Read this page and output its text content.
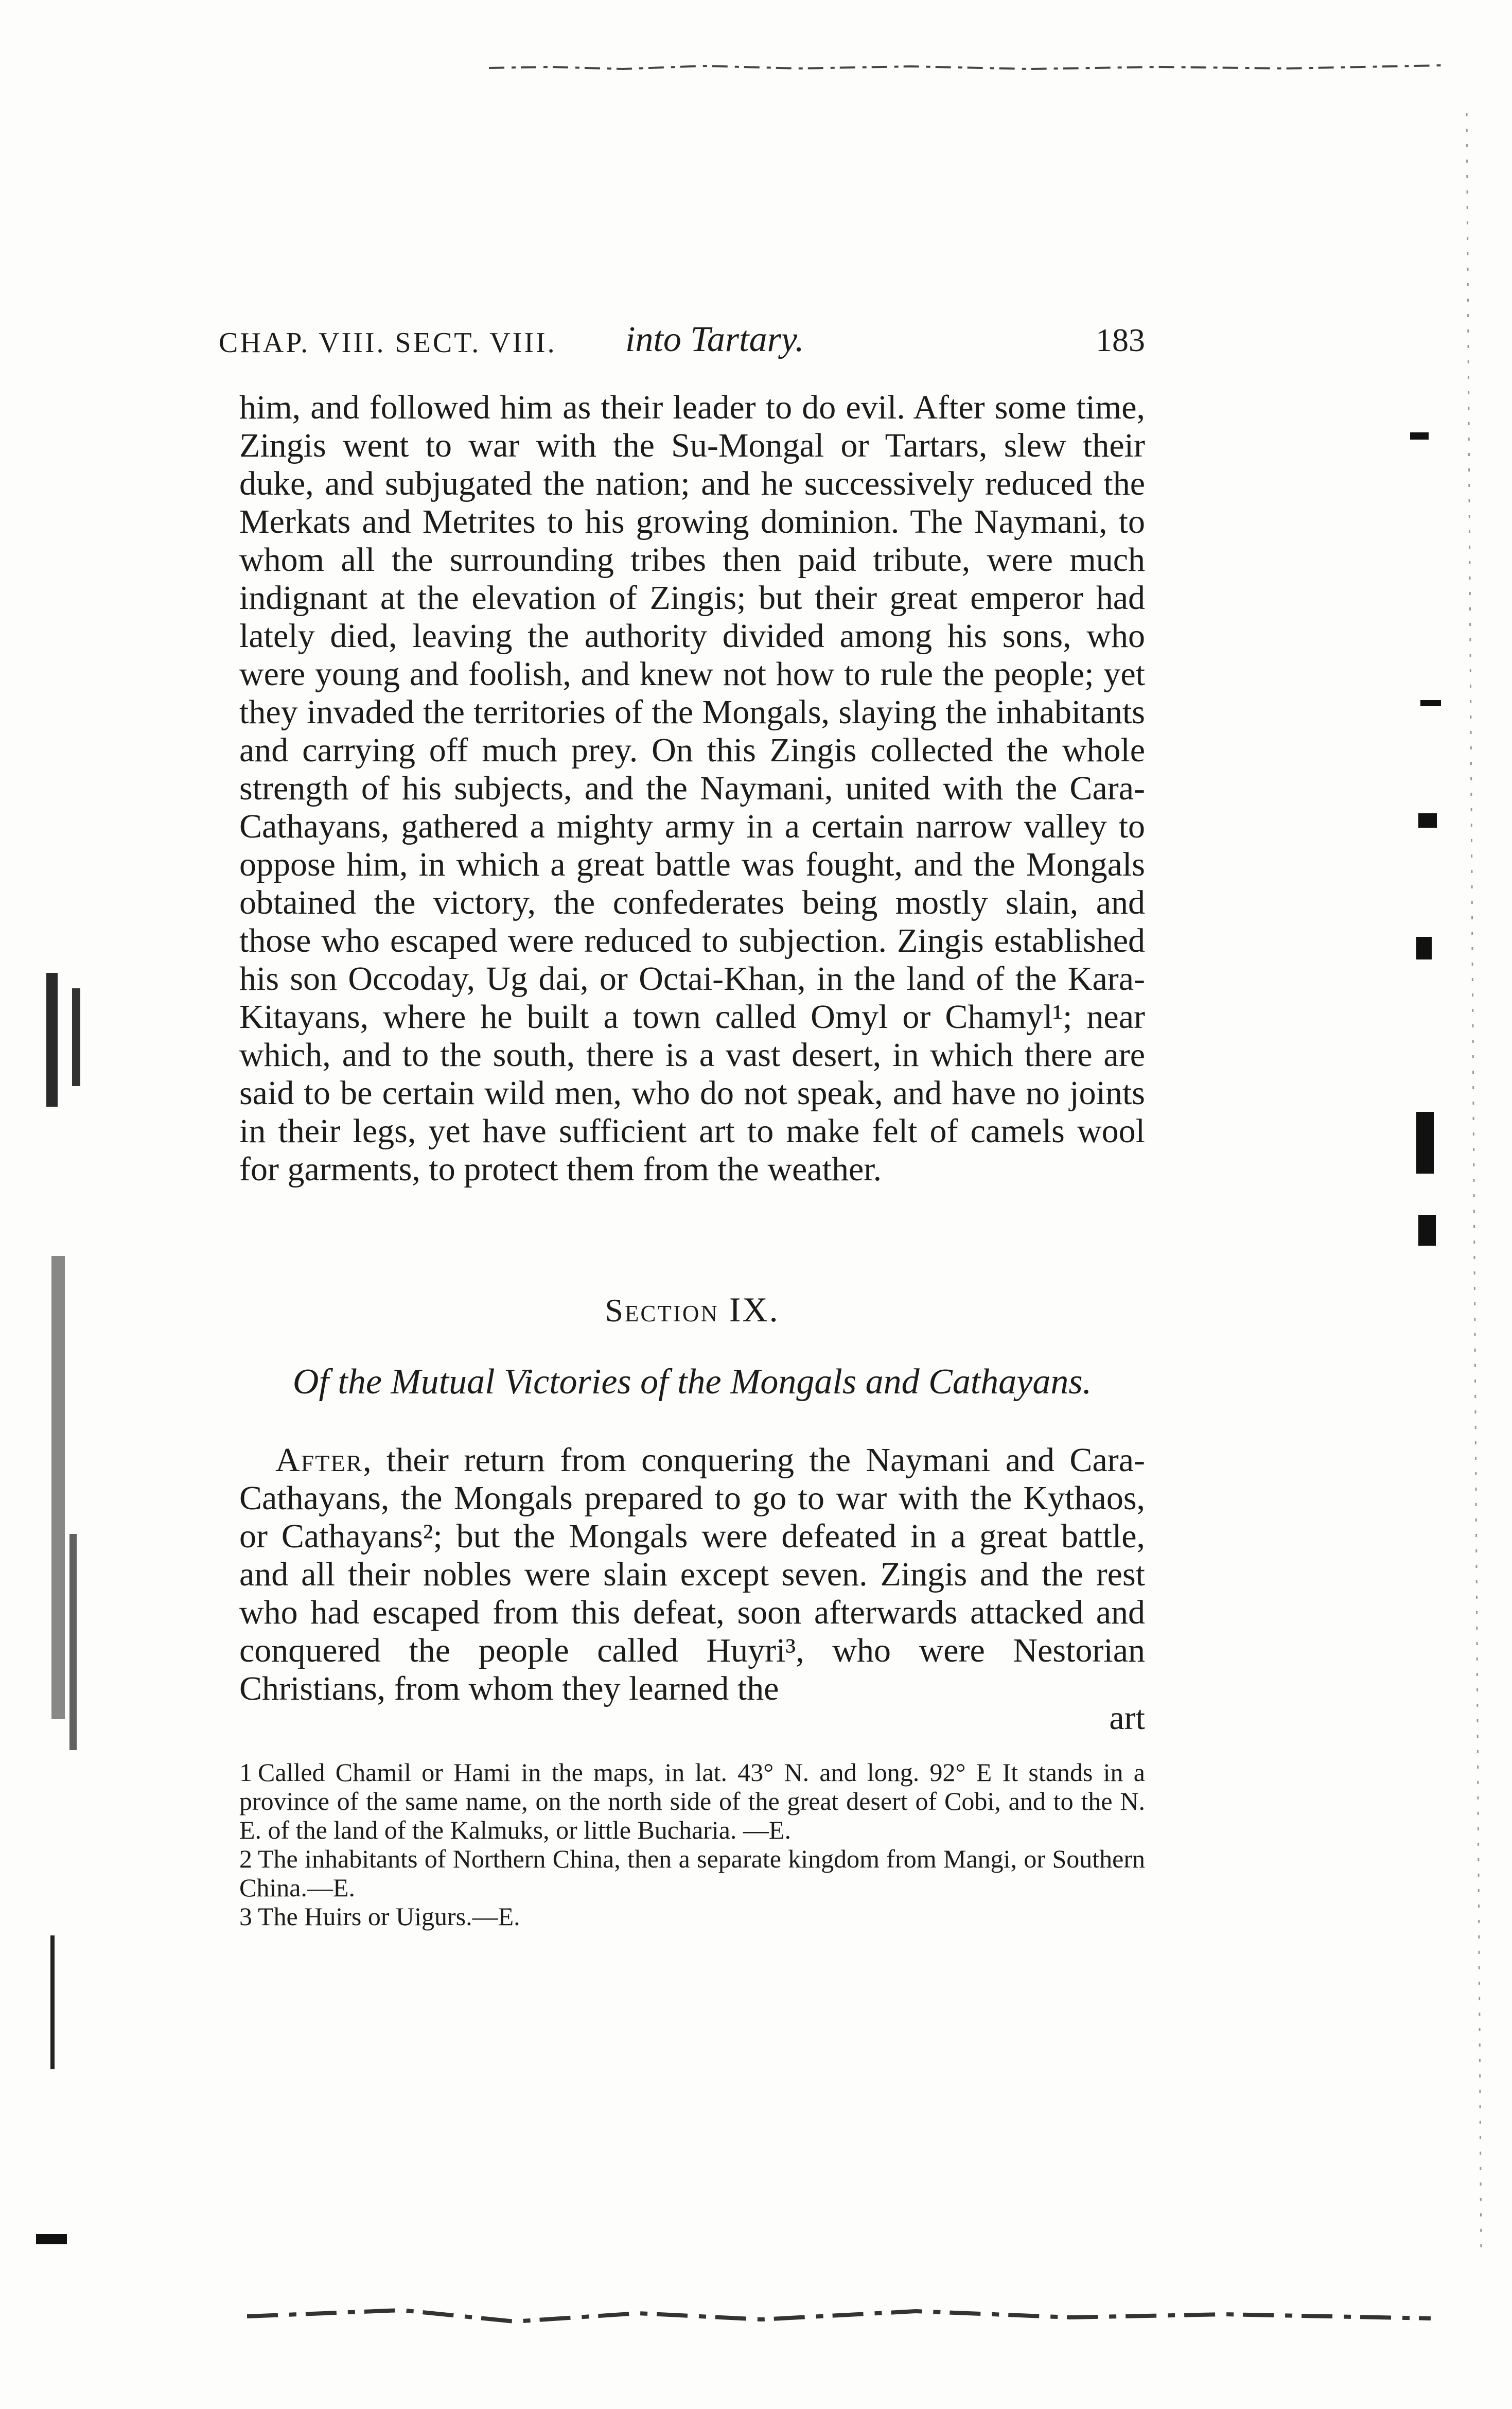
CHAP. VIII. SECT. VIII. into Tartary.	183

him, and followed him as their leader to do evil. After some time, Zingis went to war with the Su-Mongal or Tartars, slew their duke, and subjugated the nation; and he successively reduced the Merkats and Metrites to his growing dominion. The Naymani, to whom all the surrounding tribes then paid tribute, were much indignant at the elevation of Zingis; but their great emperor had lately died, leaving the authority divided among his sons, who were young and foolish, and knew not how to rule the people; yet they invaded the territories of the Mongals, slaying the inhabitants and carrying off much prey. On this Zingis collected the whole strength of his subjects, and the Naymani, united with the Cara-Cathayans, gathered a mighty army in a certain narrow valley to oppose him, in which a great battle was fought, and the Mongals obtained the victory, the confederates being mostly slain, and those who escaped were reduced to subjection. Zingis established his son Occoday, Ug dai, or Octai-Khan, in the land of the Kara-Kitayans, where he built a town called Omyl or Chamyl¹; near which, and to the south, there is a vast desert, in which there are said to be certain wild men, who do not speak, and have no joints in their legs, yet have sufficient art to make felt of camels wool for garments, to protect them from the weather.

Section IX.
Of the Mutual Victories of the Mongals and Cathayans.

After, their return from conquering the Naymani and Cara-Cathayans, the Mongals prepared to go to war with the Kythaos, or Cathayans²; but the Mongals were defeated in a great battle, and all their nobles were slain except seven. Zingis and the rest who had escaped from this defeat, soon afterwards attacked and conquered the people called Huyri³, who were Nestorian Christians, from whom they learned the

art

1 Called Chamil or Hami in the maps, in lat. 43° N. and long. 92° E It stands in a province of the same name, on the north side of the great desert of Cobi, and to the N. E. of the land of the Kalmuks, or little Bucharia. —E.

2 The inhabitants of Northern China, then a separate kingdom from Mangi, or Southern China.—E.

3 The Huirs or Uigurs.—E.
